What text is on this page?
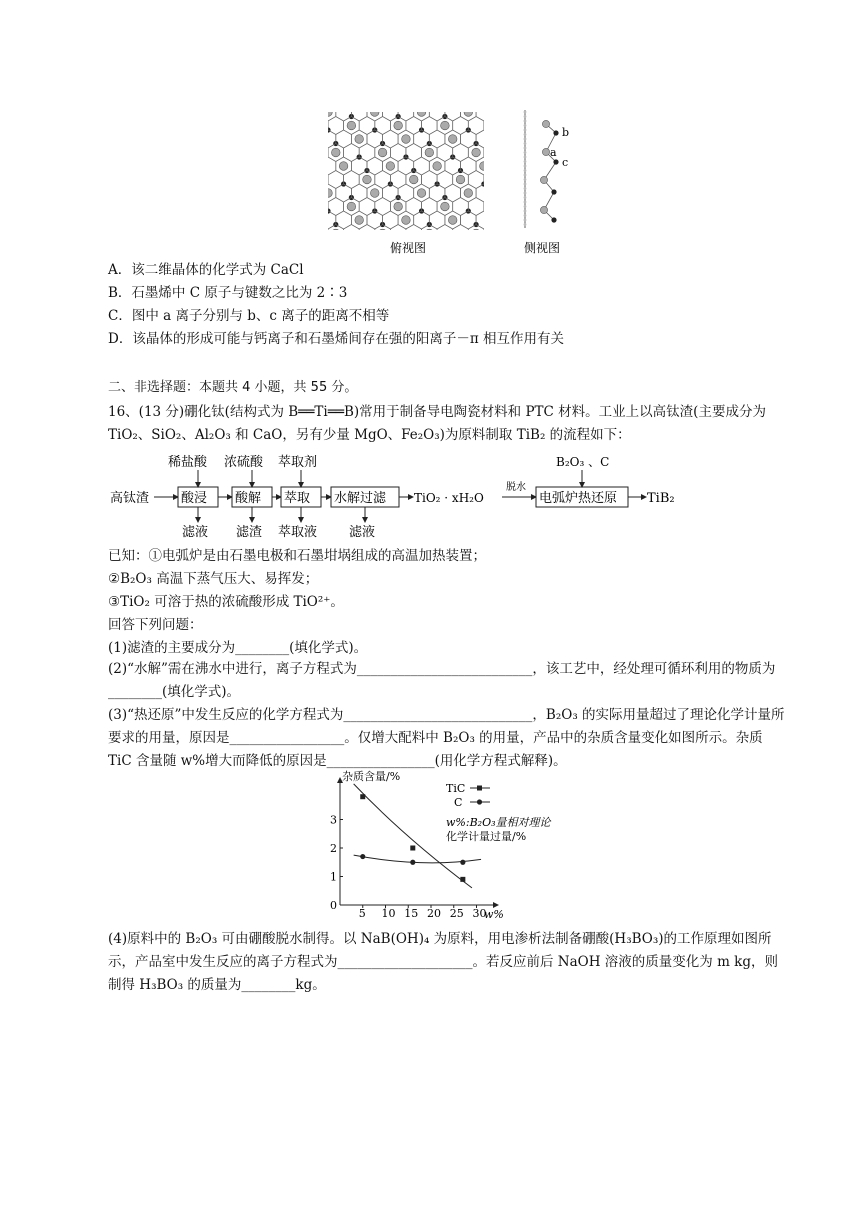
俯视图	侧视图
b
a
c
A．该二维晶体的化学式为 CaCl
B．石墨烯中 C 原子与键数之比为 2∶3
C．图中 a 离子分别与 b、c 离子的距离不相等
D．该晶体的形成可能与钙离子和石墨烯间存在强的阳离子－π 相互作用有关
二、非选择题：本题共 4 小题，共 55 分。
16、(13 分)硼化钛(结构式为 B══Ti══B)常用于制备导电陶瓷材料和 PTC 材料。工业上以高钛渣(主要成分为 TiO₂、SiO₂、Al₂O₃ 和 CaO，另有少量 MgO、Fe₂O₃)为原料制取 TiB₂ 的流程如下：
高钛渣 酸浸 酸解 萃取 水解过滤 TiO₂ · xH₂O
脱水
电弧炉热还原 TiB₂
稀盐酸 浓硫酸 萃取剂	B₂O₃ 、C
滤液 滤渣 萃取液 滤液
已知：①电弧炉是由石墨电极和石墨坩埚组成的高温加热装置；
②B₂O₃ 高温下蒸气压大、易挥发；
③TiO₂ 可溶于热的浓硫酸形成 TiO²⁺。
回答下列问题：
(1)滤渣的主要成分为________(填化学式)。
(2)“水解”需在沸水中进行，离子方程式为__________________________，该工艺中，经处理可循环利用的物质为________(填化学式)。
(3)“热还原”中发生反应的化学方程式为____________________________，B₂O₃ 的实际用量超过了理论化学计量所要求的用量，原因是_________________。仅增大配料中 B₂O₃ 的用量，产品中的杂质含量变化如图所示。杂质 TiC 含量随 w%增大而降低的原因是________________(用化学方程式解释)。
杂质含量/%
w%
5 10 15 20 25 30
0
1
2
3
TiC
C
w%:B₂O₃量相对理论
化学计量过量/%
(4)原料中的 B₂O₃ 可由硼酸脱水制得。以 NaB(OH)₄ 为原料，用电渗析法制备硼酸(H₃BO₃)的工作原理如图所示，产品室中发生反应的离子方程式为____________________。若反应前后 NaOH 溶液的质量变化为 m kg，则制得 H₃BO₃ 的质量为________kg。
